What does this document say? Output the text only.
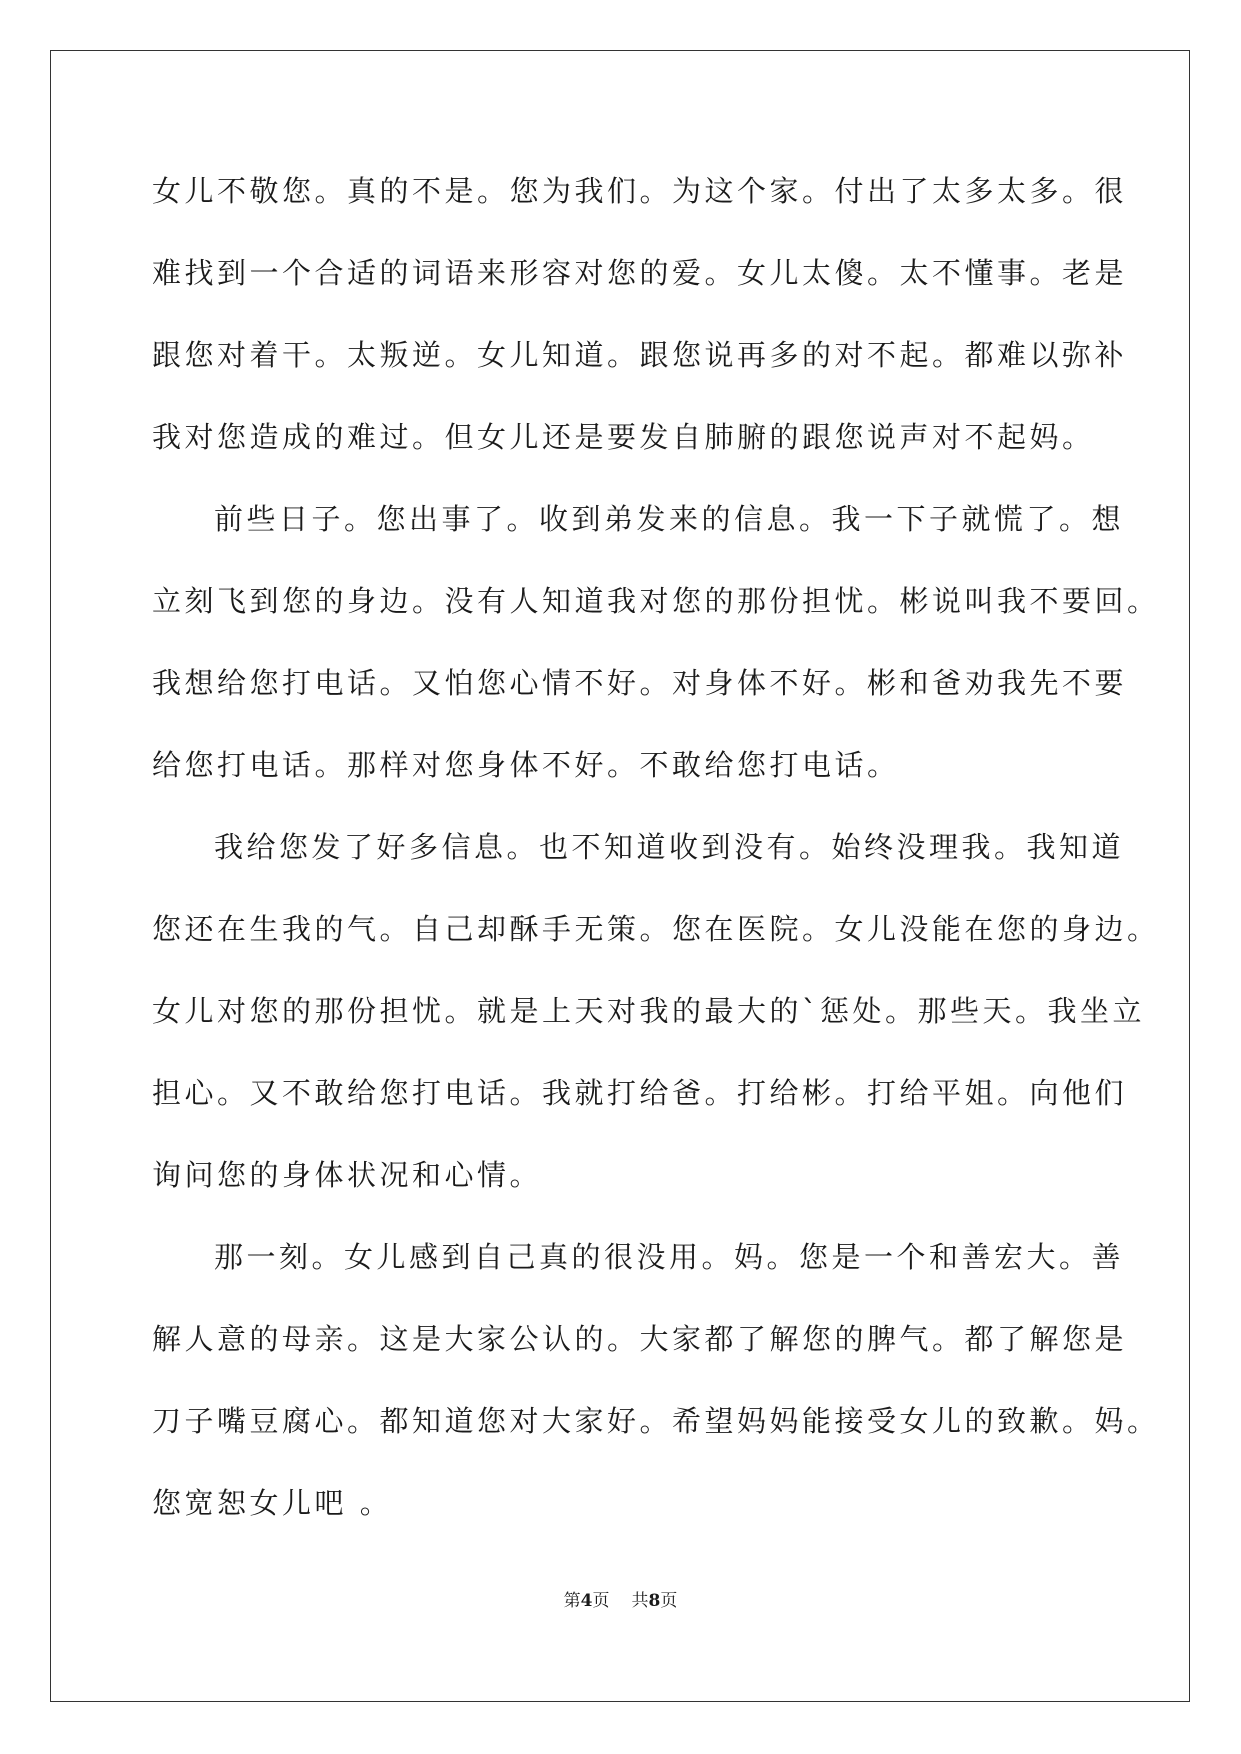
女儿不敬您。真的不是。您为我们。为这个家。付出了太多太多。很
难找到一个合适的词语来形容对您的爱。女儿太傻。太不懂事。老是
跟您对着干。太叛逆。女儿知道。跟您说再多的对不起。都难以弥补
我对您造成的难过。但女儿还是要发自肺腑的跟您说声对不起妈。
前些日子。您出事了。收到弟发来的信息。我一下子就慌了。想
立刻飞到您的身边。没有人知道我对您的那份担忧。彬说叫我不要回。
我想给您打电话。又怕您心情不好。对身体不好。彬和爸劝我先不要
给您打电话。那样对您身体不好。不敢给您打电话。
我给您发了好多信息。也不知道收到没有。始终没理我。我知道
您还在生我的气。自己却酥手无策。您在医院。女儿没能在您的身边。
女儿对您的那份担忧。就是上天对我的最大的`惩处。那些天。我坐立
担心。又不敢给您打电话。我就打给爸。打给彬。打给平姐。向他们
询问您的身体状况和心情。
那一刻。女儿感到自己真的很没用。妈。您是一个和善宏大。善
解人意的母亲。这是大家公认的。大家都了解您的脾气。都了解您是
刀子嘴豆腐心。都知道您对大家好。希望妈妈能接受女儿的致歉。妈。
您宽恕女儿吧 。
第4页 共8页
